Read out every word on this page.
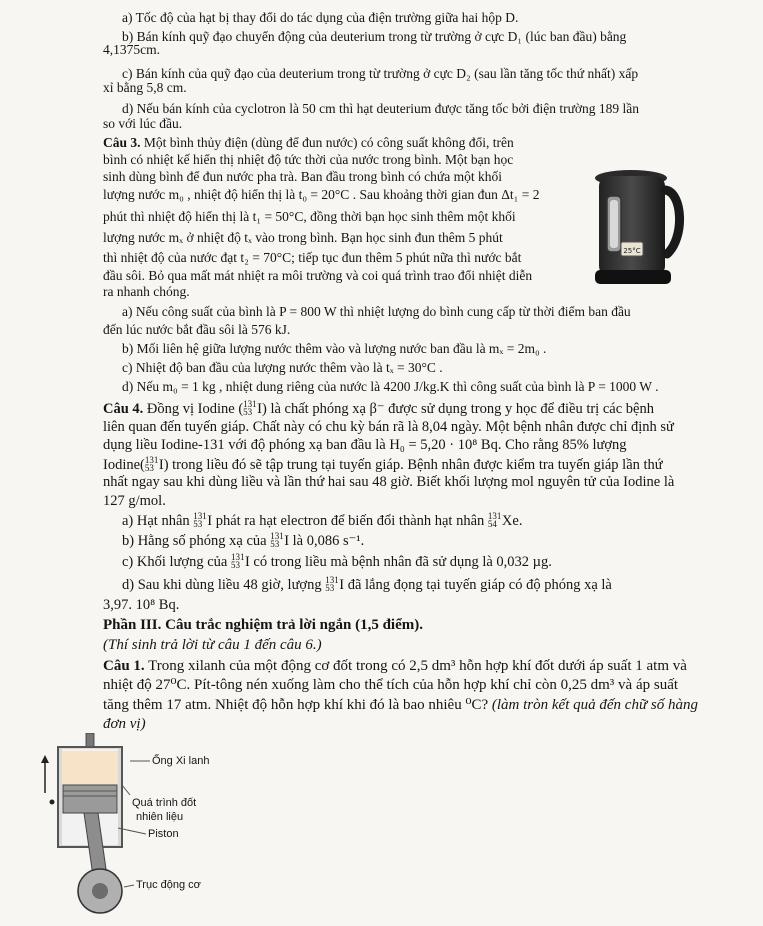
a) Tốc độ của hạt bị thay đổi do tác dụng của điện trường giữa hai hộp D.

b) Bán kính quỹ đạo chuyển động của deuterium trong từ trường ở cực D₁ (lúc ban đầu) bằng

4,1375cm.

c) Bán kính của quỹ đạo của deuterium trong từ trường ở cực D₂ (sau lần tăng tốc thứ nhất) xấp

xỉ bằng 5,8 cm.

d) Nếu bán kính của cyclotron là 50 cm thì hạt deuterium được tăng tốc bởi điện trường 189 lần

so với lúc đầu.

Câu 3. Một bình thủy điện (dùng để đun nước) có công suất không đổi, trên

bình có nhiệt kế hiển thị nhiệt độ tức thời của nước trong bình. Một bạn học

sinh dùng bình để đun nước pha trà. Ban đầu trong bình có chứa một khối

lượng nước m₀ , nhiệt độ hiển thị là t₀ = 20°C . Sau khoảng thời gian đun Δt₁ = 2

phút thì nhiệt độ hiển thị là t₁ = 50°C, đồng thời bạn học sinh thêm một khối

lượng nước mₓ ở nhiệt độ tₓ vào trong bình. Bạn học sinh đun thêm 5 phút

thì nhiệt độ của nước đạt t₂ = 70°C; tiếp tục đun thêm 5 phút nữa thì nước bắt

đầu sôi. Bỏ qua mất mát nhiệt ra môi trường và coi quá trình trao đổi nhiệt diễn

ra nhanh chóng.

25°C

a) Nếu công suất của bình là P = 800 W thì nhiệt lượng do bình cung cấp từ thời điểm ban đầu

đến lúc nước bắt đầu sôi là 576 kJ.

b) Mối liên hệ giữa lượng nước thêm vào và lượng nước ban đầu là mₓ = 2m₀ .

c) Nhiệt độ ban đầu của lượng nước thêm vào là tₓ = 30°C .

d) Nếu m₀ = 1 kg , nhiệt dung riêng của nước là 4200 J/kg.K thì công suất của bình là P = 1000 W .

Câu 4. Đồng vị Iodine ( 131
53 I) là chất phóng xạ β⁻ được sử dụng trong y học để điều trị các bệnh

liên quan đến tuyến giáp. Chất này có chu kỳ bán rã là 8,04 ngày. Một bệnh nhân được chỉ định sử

dụng liều Iodine-131 với độ phóng xạ ban đầu là H₀ = 5,20 · 10⁸ Bq. Cho rằng 85% lượng

Iodine( 131
53 I) trong liều đó sẽ tập trung tại tuyến giáp. Bệnh nhân được kiểm tra tuyến giáp lần thứ

nhất ngay sau khi dùng liều và lần thứ hai sau 48 giờ. Biết khối lượng mol nguyên tử của Iodine là

127 g/mol.

a) Hạt nhân 131
53 I phát ra hạt electron để biến đổi thành hạt nhân 131
54 Xe.

b) Hằng số phóng xạ của 131
53 I là 0,086 s⁻¹.

c) Khối lượng của 131
53 I có trong liều mà bệnh nhân đã sử dụng là 0,032 µg.

d) Sau khi dùng liều 48 giờ, lượng 131
53 I đã lắng đọng tại tuyến giáp có độ phóng xạ là

3,97. 10⁸ Bq.

Phần III. Câu trắc nghiệm trả lời ngắn (1,5 điểm).

(Thí sinh trả lời từ câu 1 đến câu 6.)

Câu 1. Trong xilanh của một động cơ đốt trong có 2,5 dm³ hỗn hợp khí đốt dưới áp suất 1 atm và

nhiệt độ 27⁰C. Pít-tông nén xuống làm cho thể tích của hỗn hợp khí chỉ còn 0,25 dm³ và áp suất

tăng thêm 17 atm. Nhiệt độ hỗn hợp khí khi đó là bao nhiêu ⁰C? (làm tròn kết quả đến chữ số hàng

đơn vị)

Ống Xi lanh
Quá trình đốt
nhiên liệu
Piston
Trục động cơ
